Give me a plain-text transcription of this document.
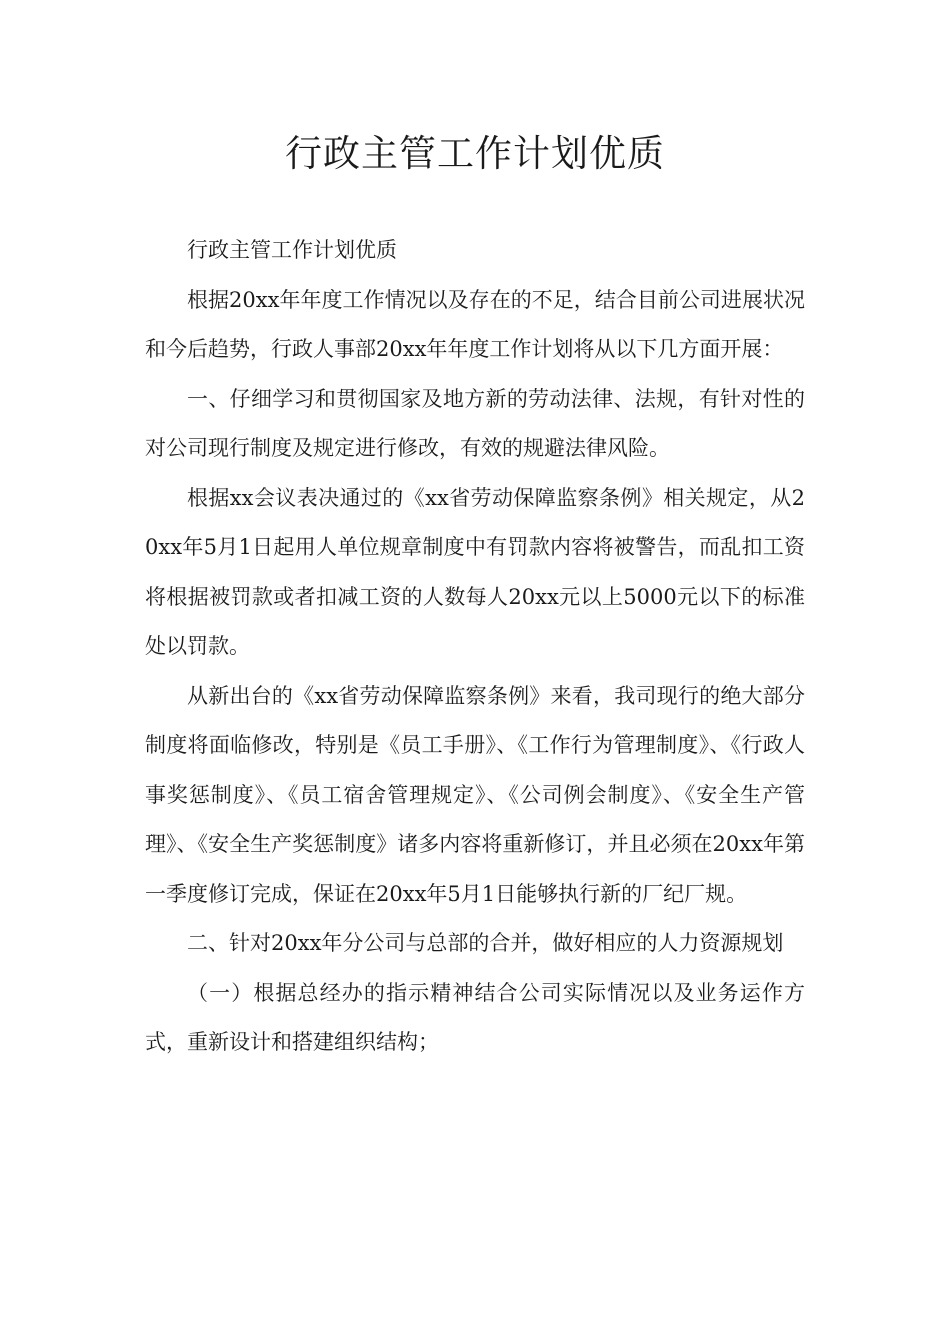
行政主管工作计划优质

行政主管工作计划优质

根据20xx年年度工作情况以及存在的不足，结合目前公司进展状况和今后趋势，行政人事部20xx年年度工作计划将从以下几方面开展：

一、仔细学习和贯彻国家及地方新的劳动法律、法规，有针对性的对公司现行制度及规定进行修改，有效的规避法律风险。

根据xx会议表决通过的《xx省劳动保障监察条例》相关规定，从20xx年5月1日起用人单位规章制度中有罚款内容将被警告，而乱扣工资将根据被罚款或者扣减工资的人数每人20xx元以上5000元以下的标准处以罚款。

从新出台的《xx省劳动保障监察条例》来看，我司现行的绝大部分制度将面临修改，特别是《员工手册》、《工作行为管理制度》、《行政人事奖惩制度》、《员工宿舍管理规定》、《公司例会制度》、《安全生产管理》、《安全生产奖惩制度》诸多内容将重新修订，并且必须在20xx年第一季度修订完成，保证在20xx年5月1日能够执行新的厂纪厂规。

二、针对20xx年分公司与总部的合并，做好相应的人力资源规划

（一）根据总经办的指示精神结合公司实际情况以及业务运作方式，重新设计和搭建组织结构；
